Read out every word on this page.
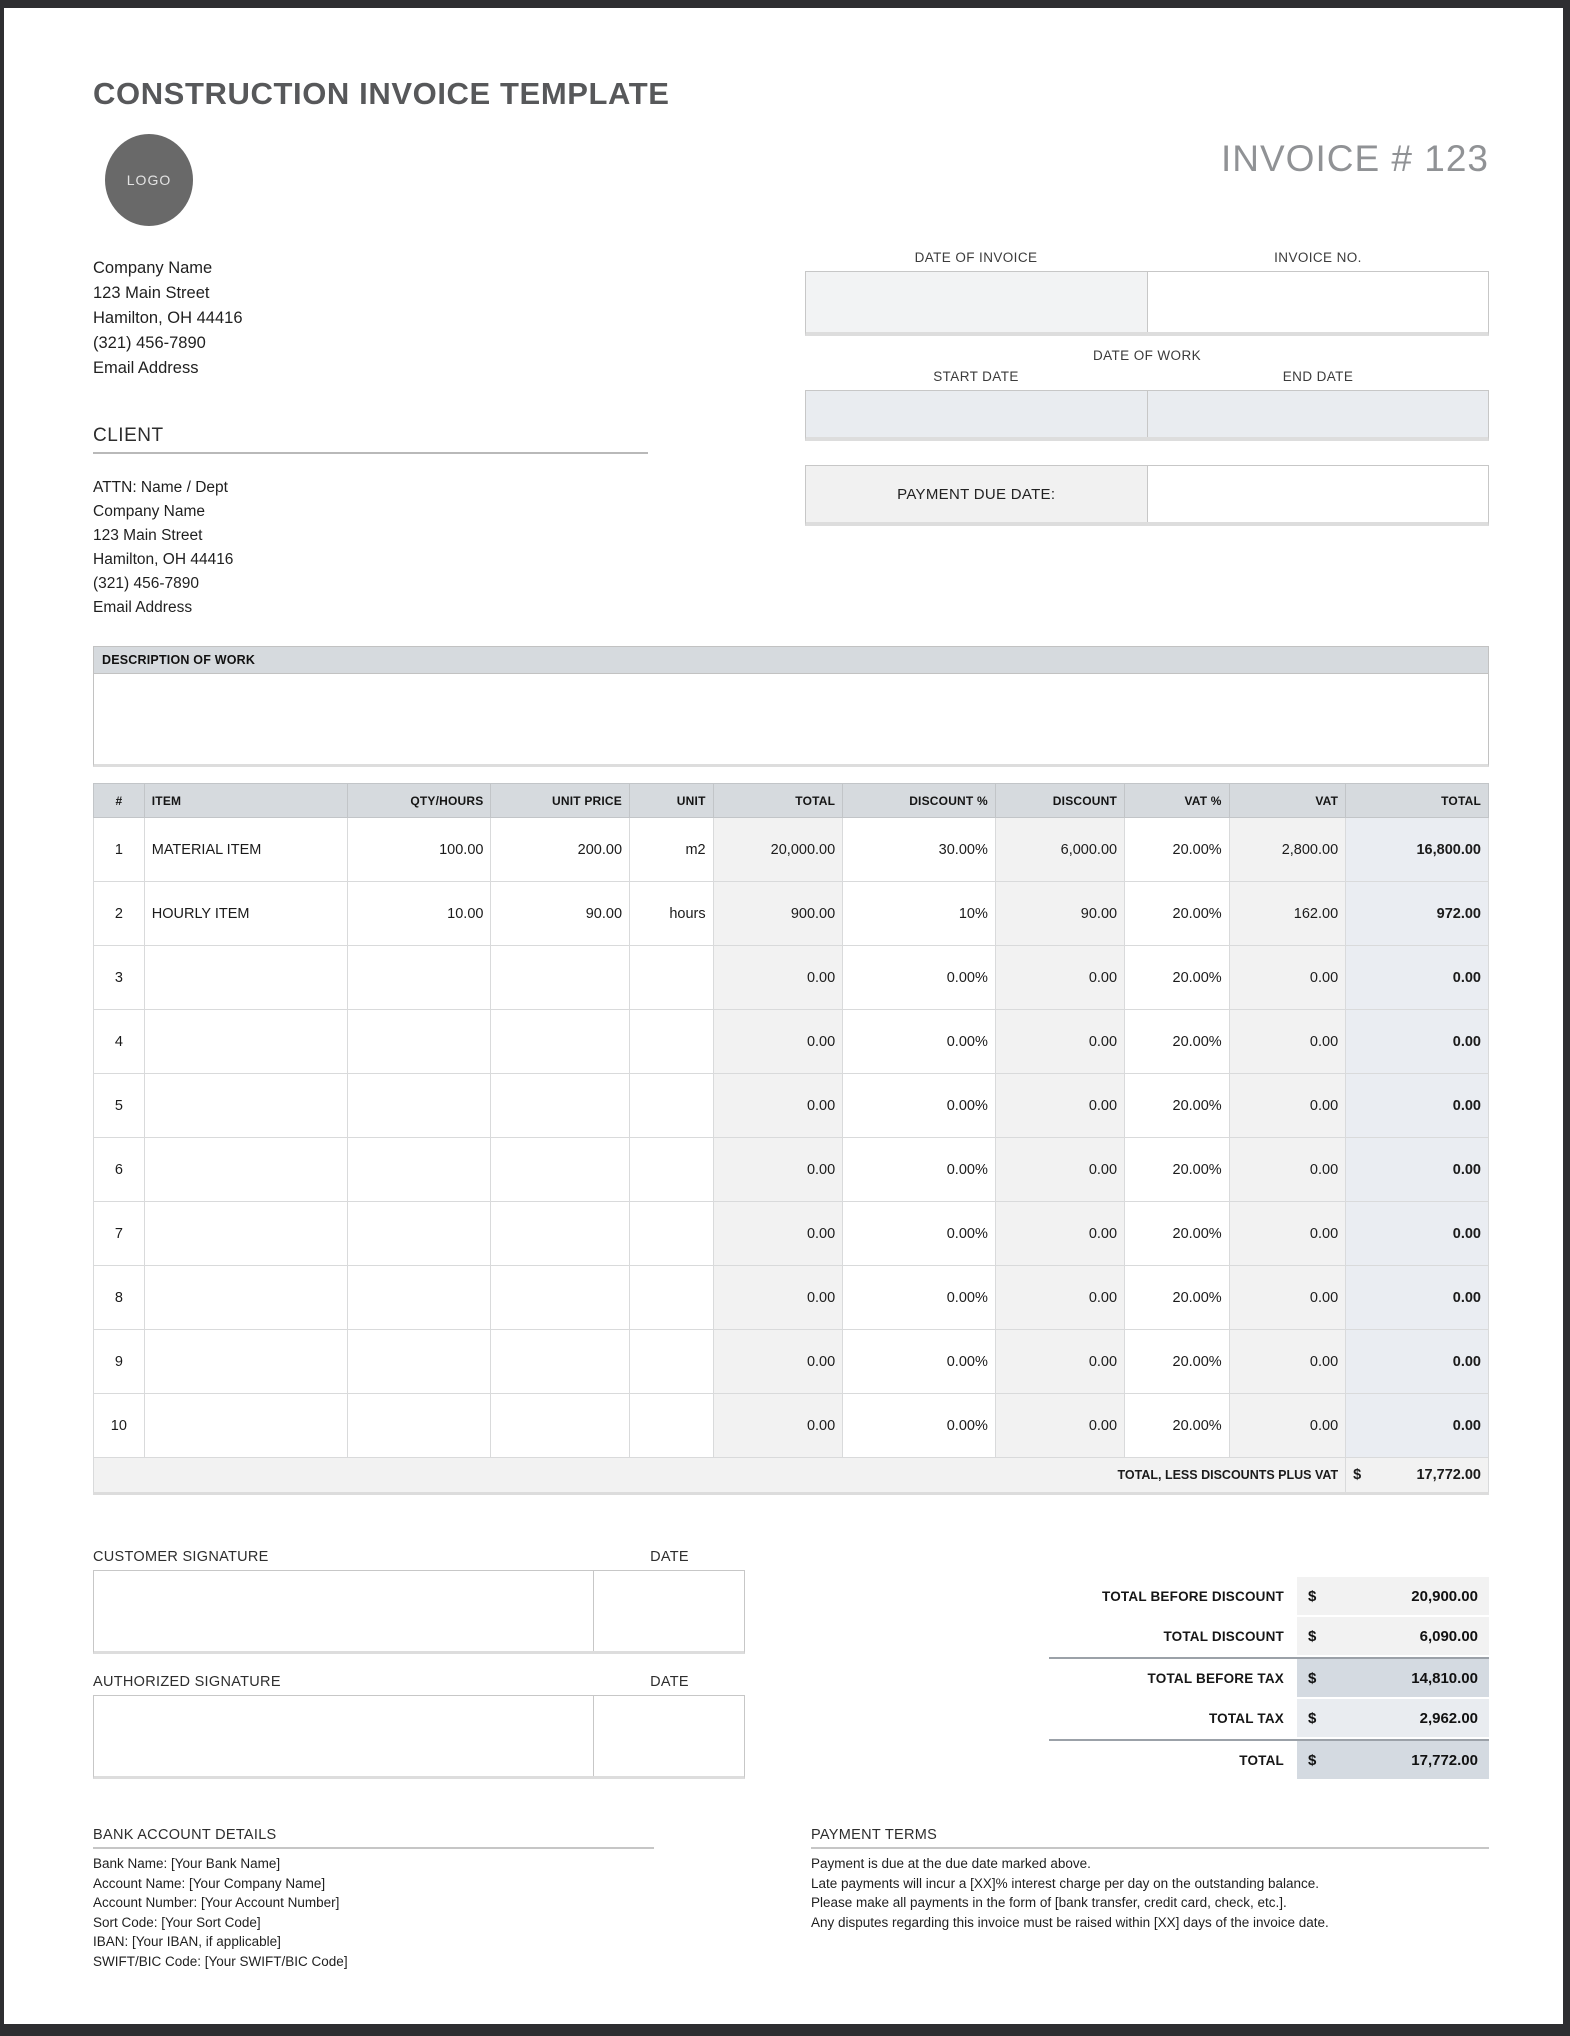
CONSTRUCTION INVOICE TEMPLATE
LOGO
Company Name
123 Main Street
Hamilton, OH 44416
(321) 456-7890
Email Address
CLIENT
ATTN: Name / Dept
Company Name
123 Main Street
Hamilton, OH 44416
(321) 456-7890
Email Address
INVOICE # 123
DATE OF INVOICE	INVOICE NO.
DATE OF WORK
START DATE	END DATE
PAYMENT DUE DATE:
DESCRIPTION OF WORK
#	ITEM	QTY/HOURS	UNIT PRICE	UNIT	TOTAL	DISCOUNT %	DISCOUNT	VAT %	VAT	TOTAL
1	MATERIAL ITEM	100.00	200.00	m2	20,000.00	30.00%	6,000.00	20.00%	2,800.00	16,800.00
2	HOURLY ITEM	10.00	90.00	hours	900.00	10%	90.00	20.00%	162.00	972.00
3					0.00	0.00%	0.00	20.00%	0.00	0.00
4					0.00	0.00%	0.00	20.00%	0.00	0.00
5					0.00	0.00%	0.00	20.00%	0.00	0.00
6					0.00	0.00%	0.00	20.00%	0.00	0.00
7					0.00	0.00%	0.00	20.00%	0.00	0.00
8					0.00	0.00%	0.00	20.00%	0.00	0.00
9					0.00	0.00%	0.00	20.00%	0.00	0.00
10					0.00	0.00%	0.00	20.00%	0.00	0.00
TOTAL, LESS DISCOUNTS PLUS VAT										$ 17,772.00
CUSTOMER SIGNATURE	DATE
AUTHORIZED SIGNATURE	DATE
TOTAL BEFORE DISCOUNT	$	20,900.00
TOTAL DISCOUNT	$	6,090.00
TOTAL BEFORE TAX	$	14,810.00
TOTAL TAX	$	2,962.00
TOTAL	$	17,772.00
BANK ACCOUNT DETAILS
Bank Name: [Your Bank Name]
Account Name: [Your Company Name]
Account Number: [Your Account Number]
Sort Code: [Your Sort Code]
IBAN: [Your IBAN, if applicable]
SWIFT/BIC Code: [Your SWIFT/BIC Code]
PAYMENT TERMS
Payment is due at the due date marked above.
Late payments will incur a [XX]% interest charge per day on the outstanding balance.
Please make all payments in the form of [bank transfer, credit card, check, etc.].
Any disputes regarding this invoice must be raised within [XX] days of the invoice date.
